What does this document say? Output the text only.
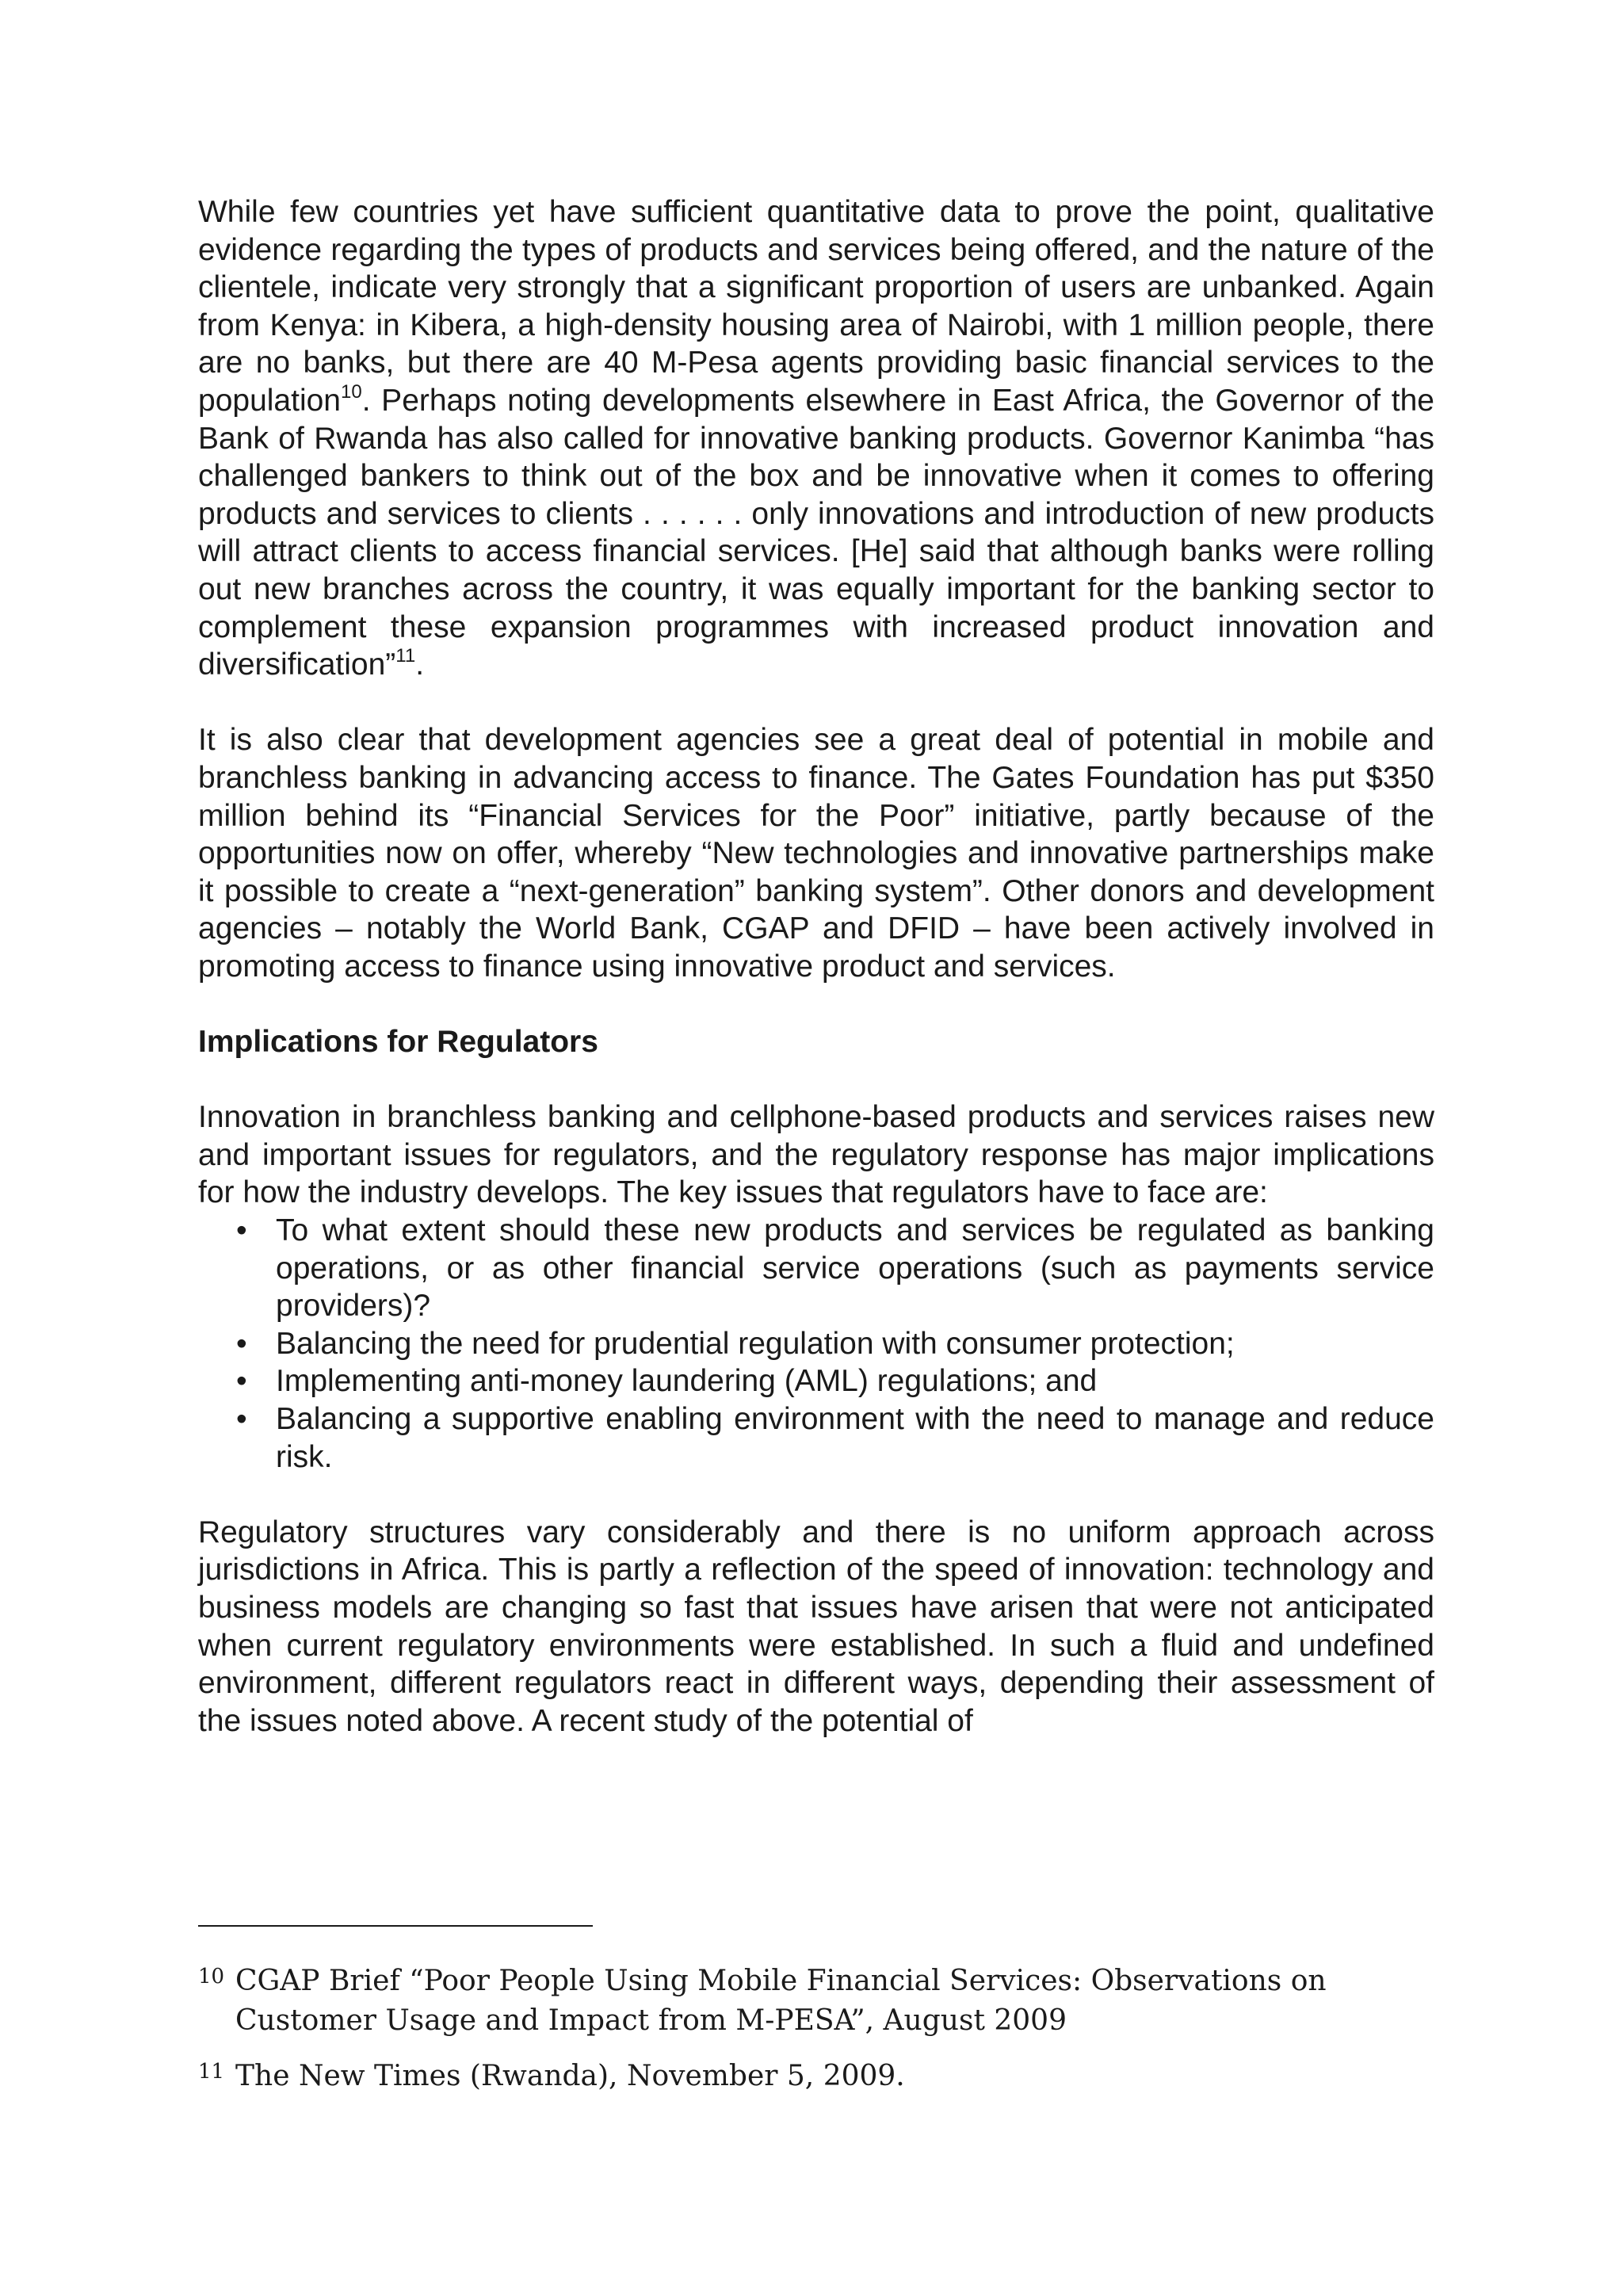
While few countries yet have sufficient quantitative data to prove the point, qualitative evidence regarding the types of products and services being offered, and the nature of the clientele, indicate very strongly that a significant proportion of users are unbanked. Again from Kenya: in Kibera, a high-density housing area of Nairobi, with 1 million people, there are no banks, but there are 40 M-Pesa agents providing basic financial services to the population$^{10}$. Perhaps noting developments elsewhere in East Africa, the Governor of the Bank of Rwanda has also called for innovative banking products. Governor Kanimba “has challenged bankers to think out of the box and be innovative when it comes to offering products and services to clients . . . . . . only innovations and introduction of new products will attract clients to access financial services. [He] said that although banks were rolling out new branches across the country, it was equally important for the banking sector to complement these expansion programmes with increased product innovation and diversification”$^{11}$.

It is also clear that development agencies see a great deal of potential in mobile and branchless banking in advancing access to finance. The Gates Foundation has put $350 million behind its “Financial Services for the Poor” initiative, partly because of the opportunities now on offer, whereby “New technologies and innovative partnerships make it possible to create a “next-generation” banking system”. Other donors and development agencies – notably the World Bank, CGAP and DFID – have been actively involved in promoting access to finance using innovative product and services.

Implications for Regulators

Innovation in branchless banking and cellphone-based products and services raises new and important issues for regulators, and the regulatory response has major implications for how the industry develops. The key issues that regulators have to face are:

• To what extent should these new products and services be regulated as banking operations, or as other financial service operations (such as payments service providers)?
• Balancing the need for prudential regulation with consumer protection;
• Implementing anti-money laundering (AML) regulations; and
• Balancing a supportive enabling environment with the need to manage and reduce risk.

Regulatory structures vary considerably and there is no uniform approach across jurisdictions in Africa. This is partly a reflection of the speed of innovation: technology and business models are changing so fast that issues have arisen that were not anticipated when current regulatory environments were established. In such a fluid and undefined environment, different regulators react in different ways, depending their assessment of the issues noted above. A recent study of the potential of

10 CGAP Brief “Poor People Using Mobile Financial Services: Observations on Customer Usage and Impact from M-PESA”, August 2009
11 The New Times (Rwanda), November 5, 2009.
